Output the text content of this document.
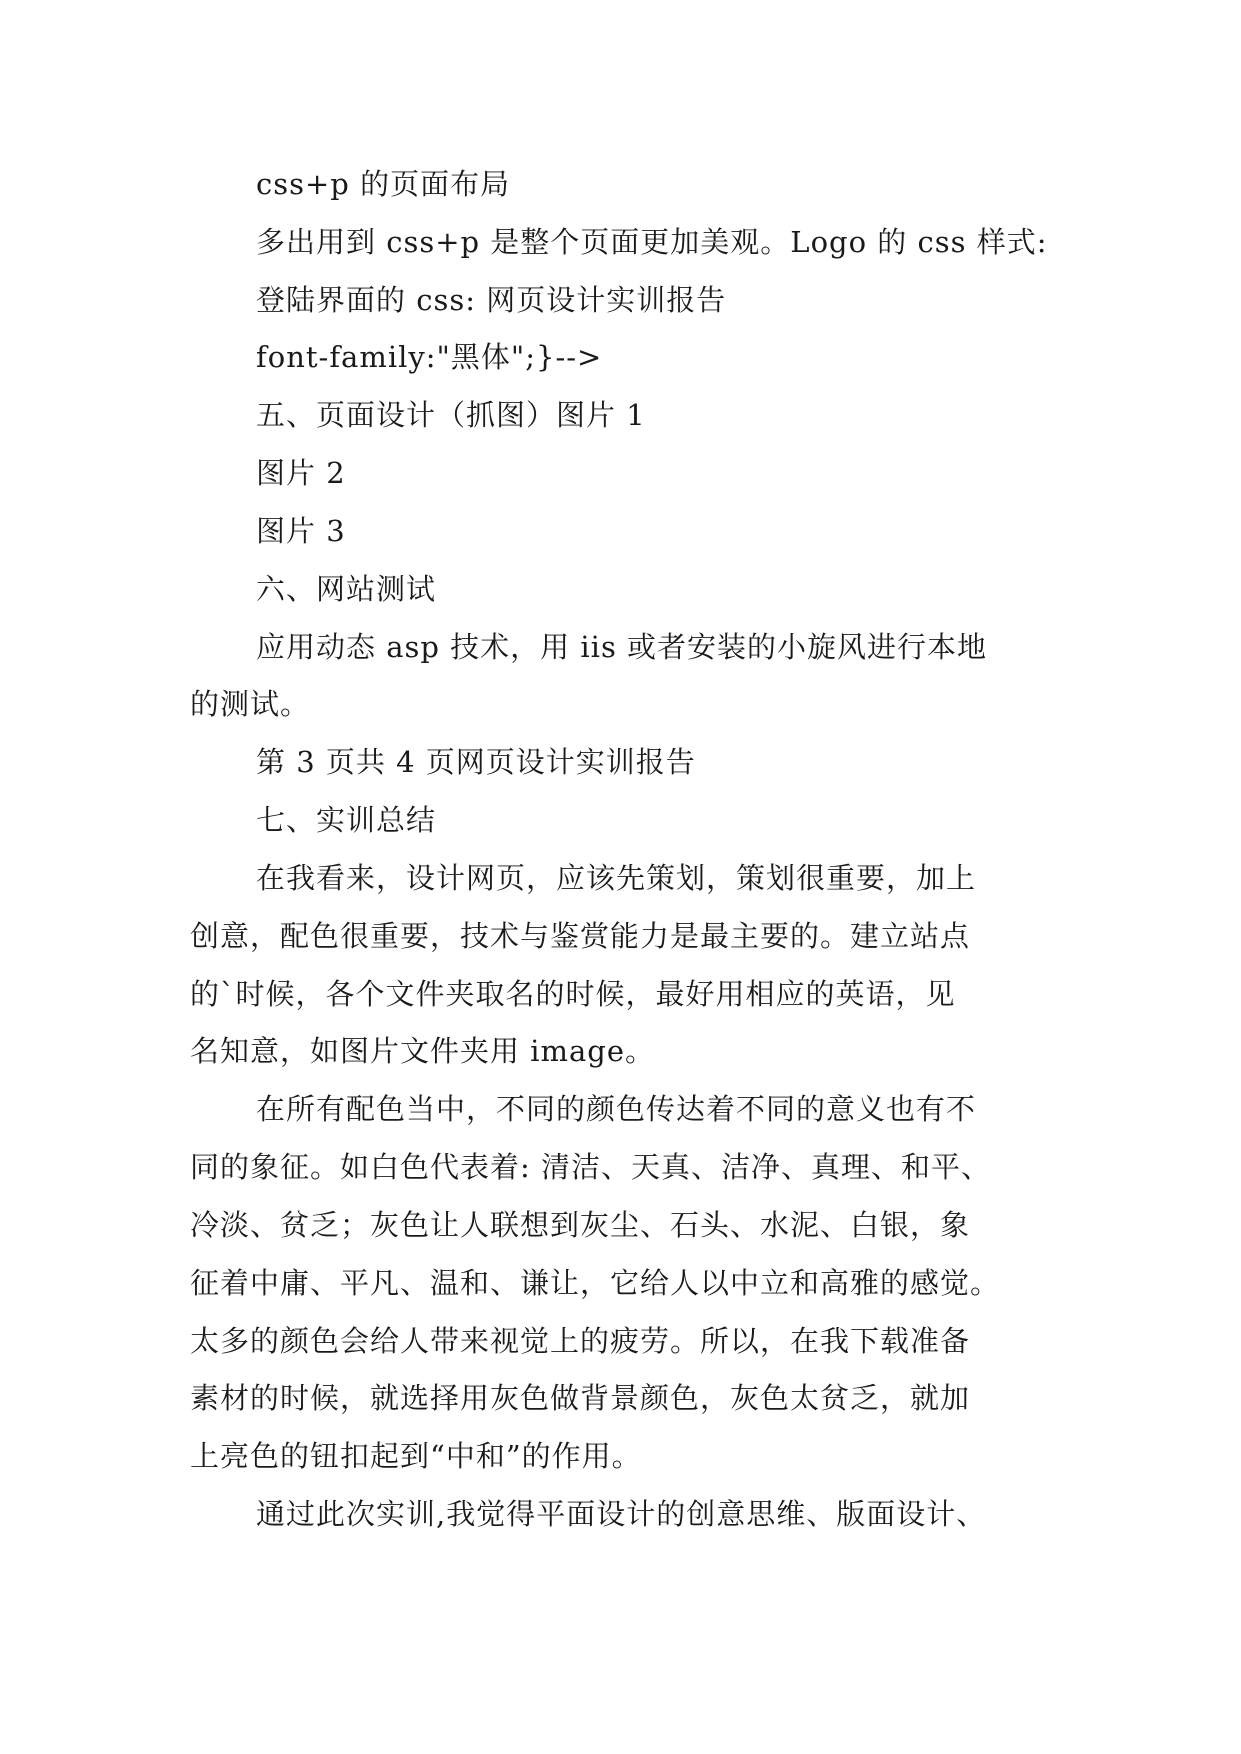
css+p 的页面布局
多出用到 css+p 是整个页面更加美观。Logo 的 css 样式:
登陆界面的 css: 网页设计实训报告
font-family:"黑体";}-->
五、页面设计（抓图）图片 1
图片 2
图片 3
六、网站测试
应用动态 asp 技术，用 iis 或者安装的小旋风进行本地
的测试。
第 3 页共 4 页网页设计实训报告
七、实训总结
在我看来，设计网页，应该先策划，策划很重要，加上
创意，配色很重要，技术与鉴赏能力是最主要的。建立站点
的`时候，各个文件夹取名的时候，最好用相应的英语，见
名知意，如图片文件夹用 image。
在所有配色当中，不同的颜色传达着不同的意义也有不
同的象征。如白色代表着: 清洁、天真、洁净、真理、和平、
冷淡、贫乏；灰色让人联想到灰尘、石头、水泥、白银，象
征着中庸、平凡、温和、谦让，它给人以中立和高雅的感觉。
太多的颜色会给人带来视觉上的疲劳。所以，在我下载准备
素材的时候，就选择用灰色做背景颜色，灰色太贫乏，就加
上亮色的钮扣起到“中和”的作用。
通过此次实训,我觉得平面设计的创意思维、版面设计、
